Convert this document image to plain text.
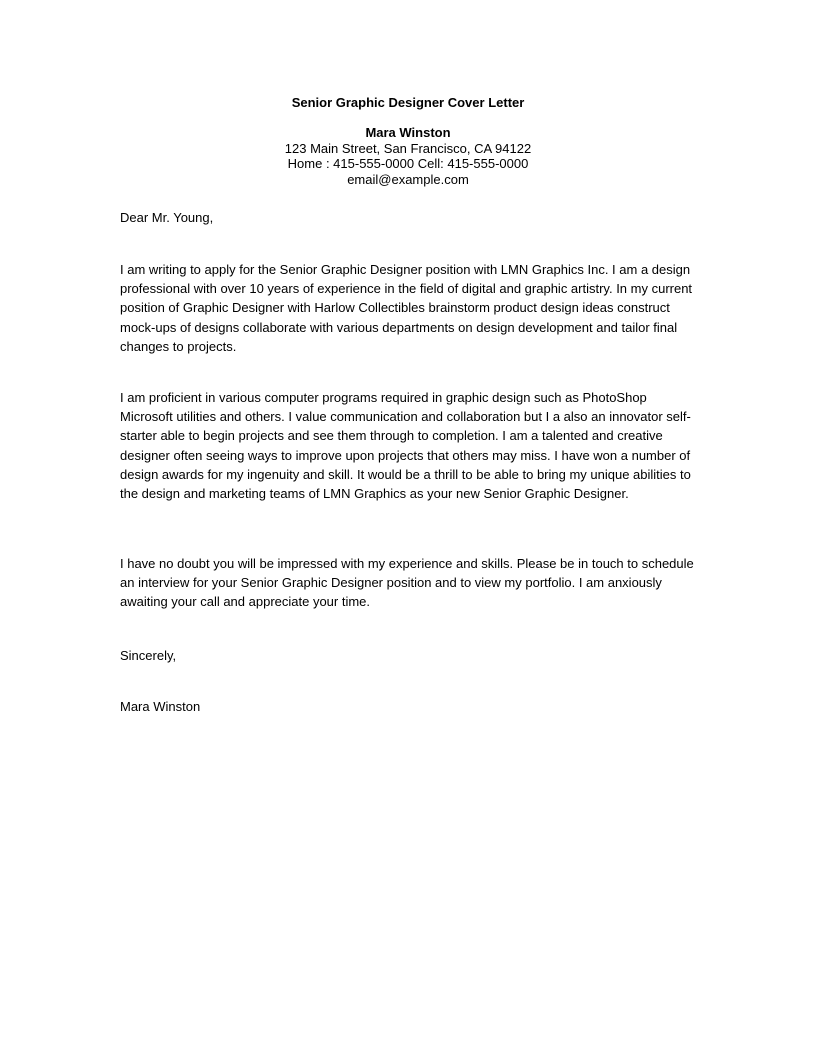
Senior Graphic Designer Cover Letter
Mara Winston
123 Main Street, San Francisco, CA 94122
Home : 415-555-0000 Cell: 415-555-0000
email@example.com

Dear Mr. Young,

I am writing to apply for the Senior Graphic Designer position with LMN Graphics Inc. I am a design professional with over 10 years of experience in the field of digital and graphic artistry. In my current position of Graphic Designer with Harlow Collectibles brainstorm product design ideas construct mock-ups of designs collaborate with various departments on design development and tailor final changes to projects.

I am proficient in various computer programs required in graphic design such as PhotoShop Microsoft utilities and others. I value communication and collaboration but I a also an innovator self-starter able to begin projects and see them through to completion. I am a talented and creative designer often seeing ways to improve upon projects that others may miss. I have won a number of design awards for my ingenuity and skill. It would be a thrill to be able to bring my unique abilities to the design and marketing teams of LMN Graphics as your new Senior Graphic Designer.

I have no doubt you will be impressed with my experience and skills. Please be in touch to schedule an interview for your Senior Graphic Designer position and to view my portfolio. I am anxiously awaiting your call and appreciate your time.

Sincerely,

Mara Winston
